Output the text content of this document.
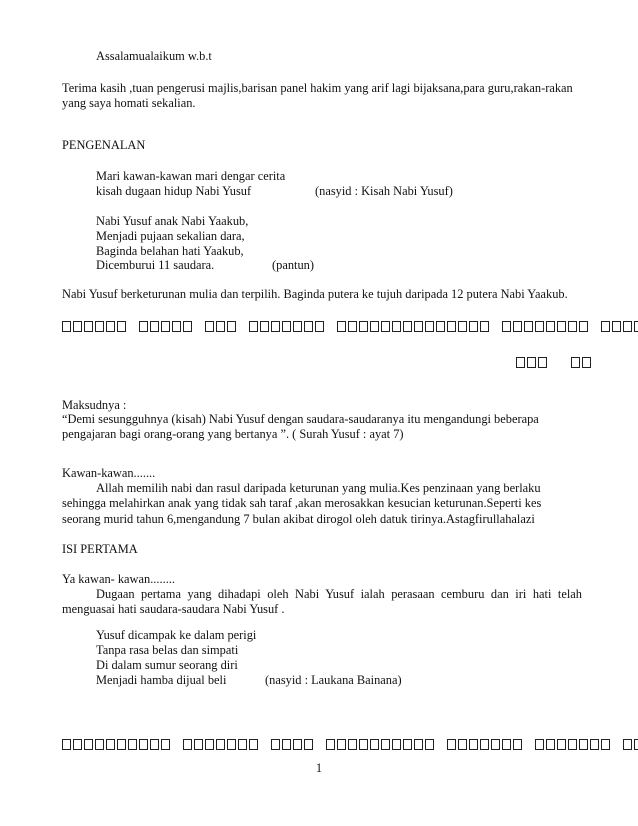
Assalamualaikum w.b.t
Terima kasih ,tuan pengerusi majlis,barisan panel hakim yang arif lagi bijaksana,para guru,rakan-rakan
yang saya homati sekalian.
PENGENALAN
Mari kawan-kawan mari dengar cerita
kisah dugaan hidup Nabi Yusuf	(nasyid : Kisah Nabi Yusuf)
Nabi Yusuf anak Nabi Yaakub,
Menjadi pujaan sekalian dara,
Baginda belahan hati Yaakub,
Dicemburui 11 saudara.	(pantun)
Nabi Yusuf berketurunan mulia dan terpilih. Baginda putera ke tujuh daripada 12 putera Nabi Yaakub.
Maksudnya :
“Demi sesungguhnya (kisah) Nabi Yusuf dengan saudara-saudaranya itu mengandungi beberapa
pengajaran bagi orang-orang yang bertanya ”. ( Surah Yusuf : ayat 7)
Kawan-kawan.......
Allah memilih nabi dan rasul daripada keturunan yang mulia.Kes penzinaan yang berlaku
sehingga melahirkan anak yang tidak sah taraf ,akan merosakkan kesucian keturunan.Seperti kes
seorang murid tahun 6,mengandung 7 bulan akibat dirogol oleh datuk tirinya.Astagfirullahalazi
ISI PERTAMA
Ya kawan- kawan........
Dugaan pertama yang dihadapi oleh Nabi Yusuf ialah perasaan cemburu dan iri hati telah
menguasai hati saudara-saudara Nabi Yusuf .
Yusuf dicampak ke dalam perigi
Tanpa rasa belas dan simpati
Di dalam sumur seorang diri
Menjadi hamba dijual beli	(nasyid : Laukana Bainana)
1
